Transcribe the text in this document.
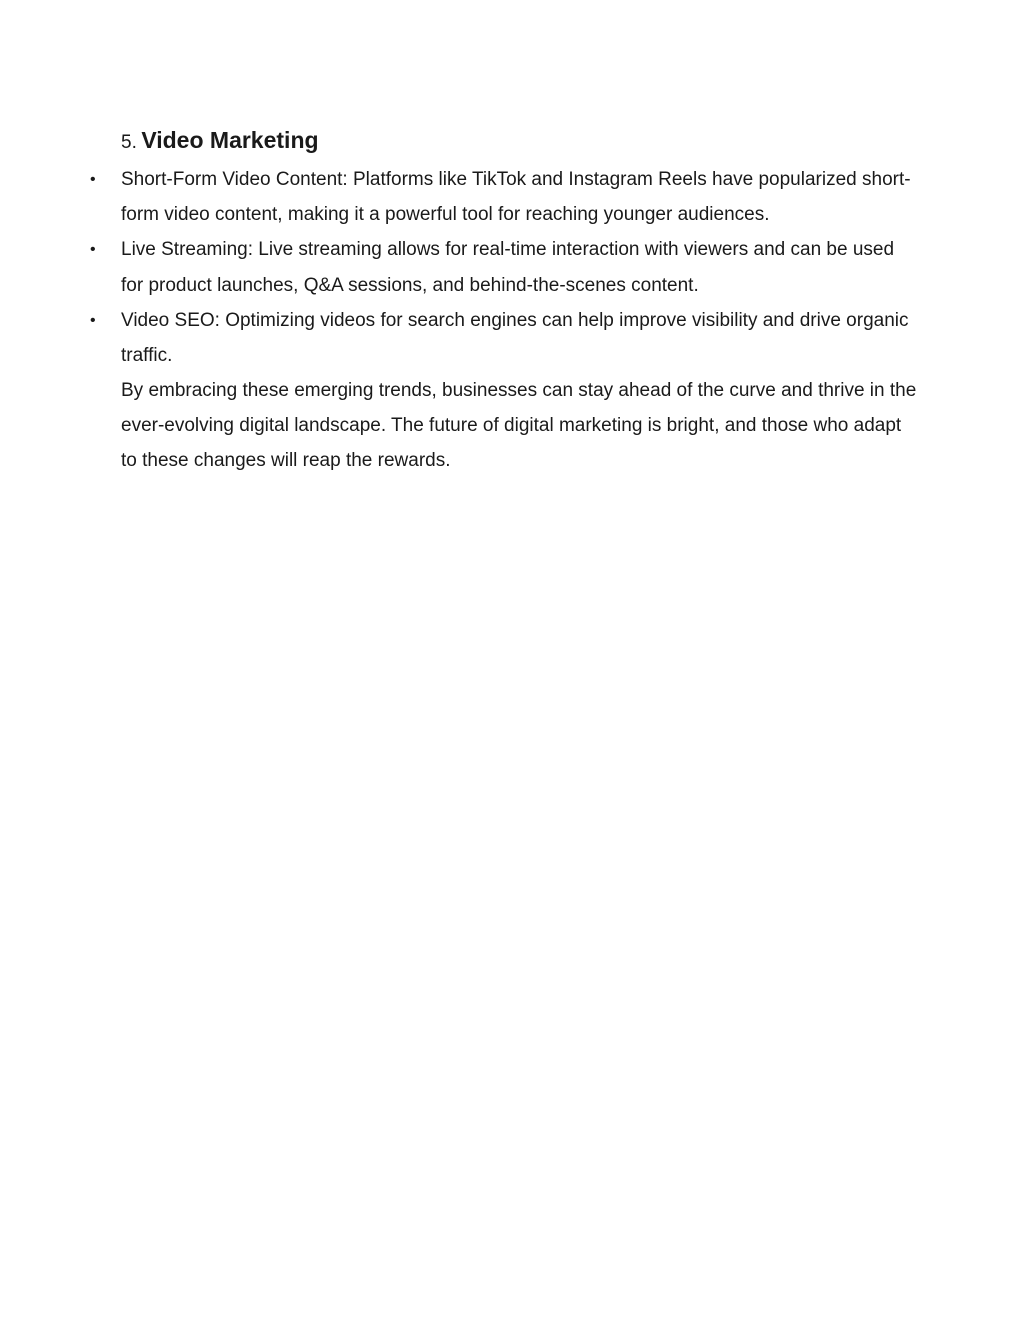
5. Video Marketing
• Short-Form Video Content: Platforms like TikTok and Instagram Reels have popularized short-form video content, making it a powerful tool for reaching younger audiences.
• Live Streaming: Live streaming allows for real-time interaction with viewers and can be used for product launches, Q&A sessions, and behind-the-scenes content.
• Video SEO: Optimizing videos for search engines can help improve visibility and drive organic traffic.

By embracing these emerging trends, businesses can stay ahead of the curve and thrive in the ever-evolving digital landscape. The future of digital marketing is bright, and those who adapt to these changes will reap the rewards.
